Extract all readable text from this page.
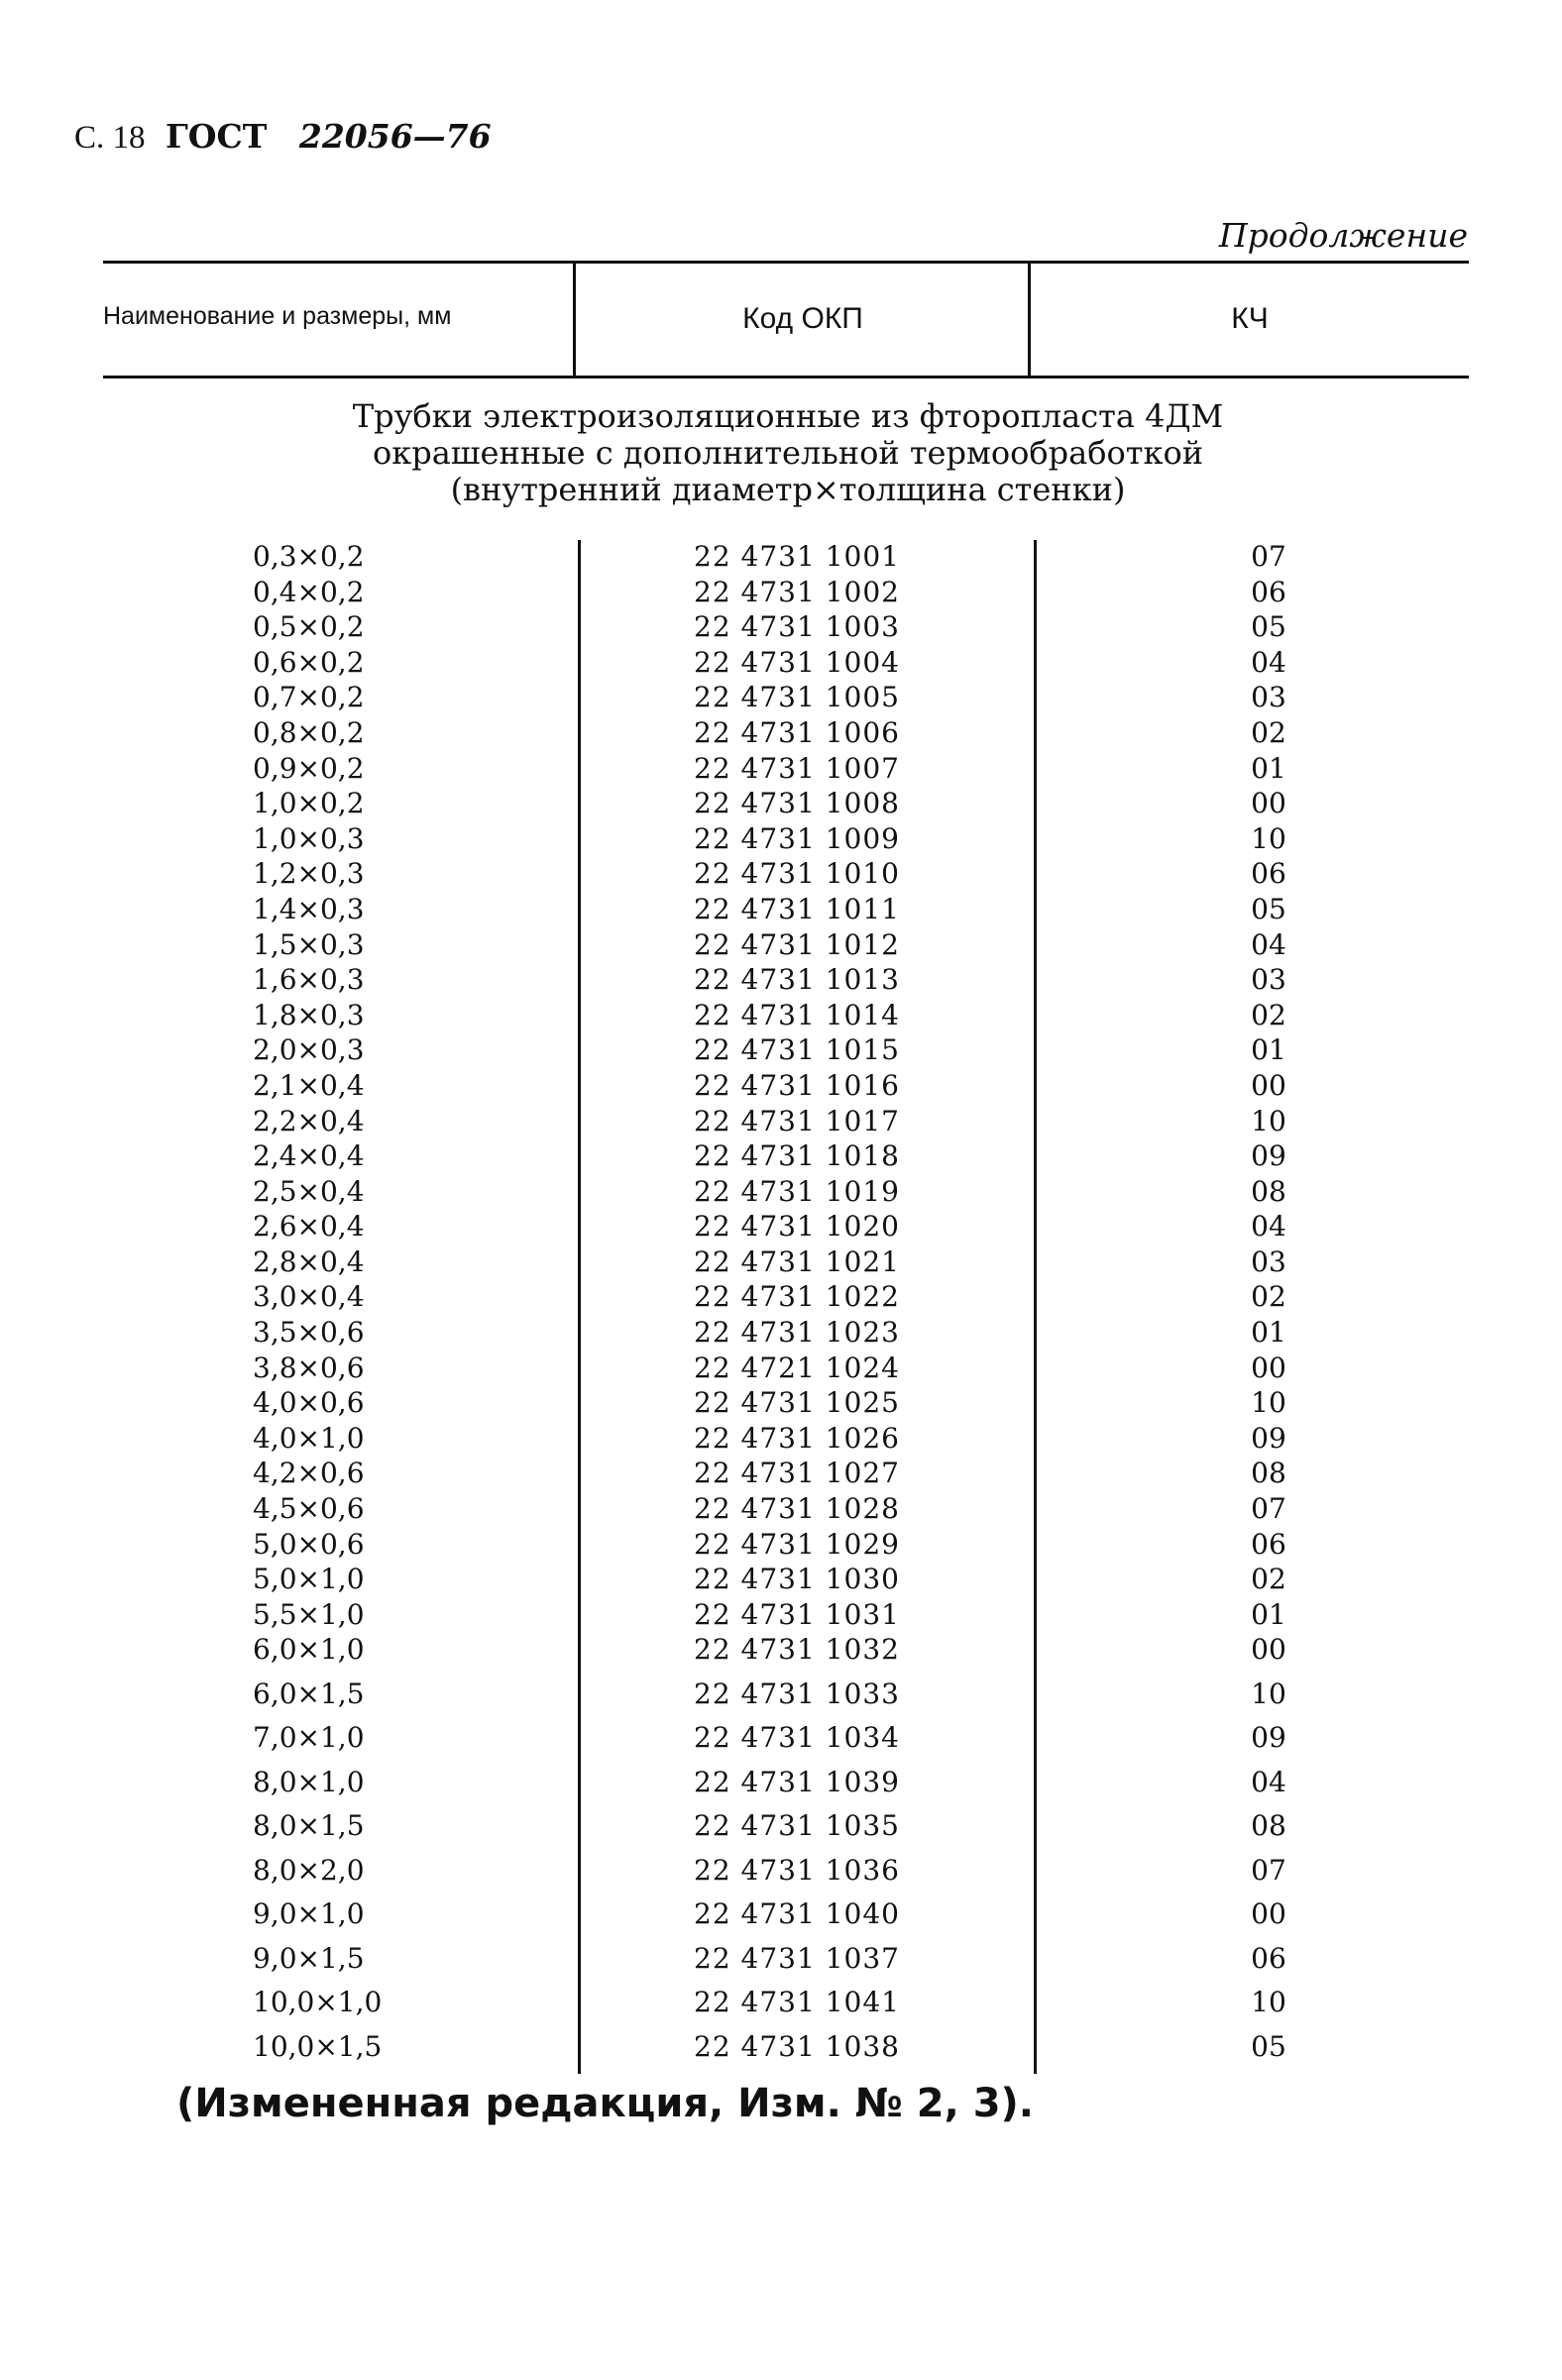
С. 18 ГОСТ 22056—76
Продолжение
Наименование и размеры, мм	Код ОКП	КЧ
Трубки электроизоляционные из фторопласта 4ДМ
окрашенные с дополнительной термообработкой
(внутренний диаметр×толщина стенки)
0,3×0,2	22 4731 1001	07
0,4×0,2	22 4731 1002	06
0,5×0,2	22 4731 1003	05
0,6×0,2	22 4731 1004	04
0,7×0,2	22 4731 1005	03
0,8×0,2	22 4731 1006	02
0,9×0,2	22 4731 1007	01
1,0×0,2	22 4731 1008	00
1,0×0,3	22 4731 1009	10
1,2×0,3	22 4731 1010	06
1,4×0,3	22 4731 1011	05
1,5×0,3	22 4731 1012	04
1,6×0,3	22 4731 1013	03
1,8×0,3	22 4731 1014	02
2,0×0,3	22 4731 1015	01
2,1×0,4	22 4731 1016	00
2,2×0,4	22 4731 1017	10
2,4×0,4	22 4731 1018	09
2,5×0,4	22 4731 1019	08
2,6×0,4	22 4731 1020	04
2,8×0,4	22 4731 1021	03
3,0×0,4	22 4731 1022	02
3,5×0,6	22 4731 1023	01
3,8×0,6	22 4721 1024	00
4,0×0,6	22 4731 1025	10
4,0×1,0	22 4731 1026	09
4,2×0,6	22 4731 1027	08
4,5×0,6	22 4731 1028	07
5,0×0,6	22 4731 1029	06
5,0×1,0	22 4731 1030	02
5,5×1,0	22 4731 1031	01
6,0×1,0	22 4731 1032	00
6,0×1,5	22 4731 1033	10
7,0×1,0	22 4731 1034	09
8,0×1,0	22 4731 1039	04
8,0×1,5	22 4731 1035	08
8,0×2,0	22 4731 1036	07
9,0×1,0	22 4731 1040	00
9,0×1,5	22 4731 1037	06
10,0×1,0	22 4731 1041	10
10,0×1,5	22 4731 1038	05
(Измененная редакция, Изм. № 2, 3).
